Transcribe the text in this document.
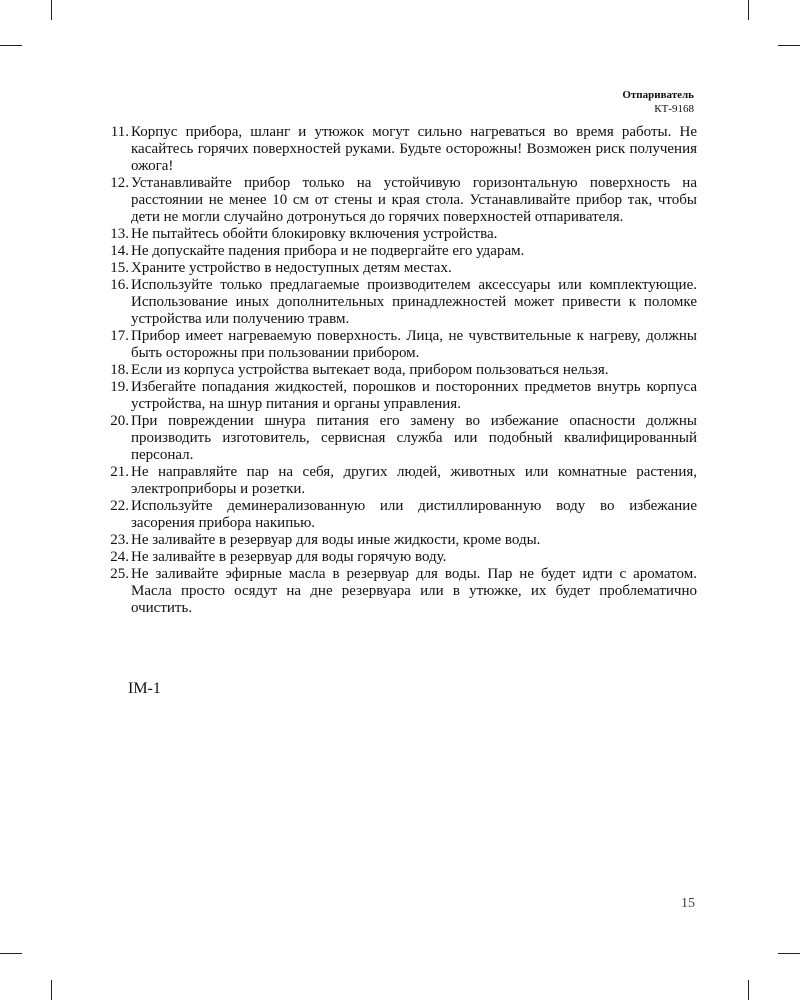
Отпариватель
КТ-9168
11. Корпус прибора, шланг и утюжок могут сильно нагреваться во время работы. Не касайтесь горячих поверхностей руками. Будьте осторожны! Возможен риск получения ожога!
12. Устанавливайте прибор только на устойчивую горизонтальную поверхность на расстоянии не менее 10 см от стены и края стола. Устанавливайте прибор так, чтобы дети не могли случайно дотронуться до горячих поверхностей отпаривателя.
13. Не пытайтесь обойти блокировку включения устройства.
14. Не допускайте падения прибора и не подвергайте его ударам.
15. Храните устройство в недоступных детям местах.
16. Используйте только предлагаемые производителем аксессуары или комплектующие. Использование иных дополнительных принадлежностей может привести к поломке устройства или получению травм.
17. Прибор имеет нагреваемую поверхность. Лица, не чувствительные к нагреву, должны быть осторожны при пользовании прибором.
18. Если из корпуса устройства вытекает вода, прибором пользоваться нельзя.
19. Избегайте попадания жидкостей, порошков и посторонних предметов внутрь корпуса устройства, на шнур питания и органы управления.
20. При повреждении шнура питания его замену во избежание опасности должны производить изготовитель, сервисная служба или подобный квалифицированный персонал.
21. Не направляйте пар на себя, других людей, животных или комнатные растения, электроприборы и розетки.
22. Используйте деминерализованную или дистиллированную воду во избежание засорения прибора накипью.
23. Не заливайте в резервуар для воды иные жидкости, кроме воды.
24. Не заливайте в резервуар для воды горячую воду.
25. Не заливайте эфирные масла в резервуар для воды. Пар не будет идти с ароматом. Масла просто осядут на дне резервуара или в утюжке, их будет проблематично очистить.
IM-1
15
